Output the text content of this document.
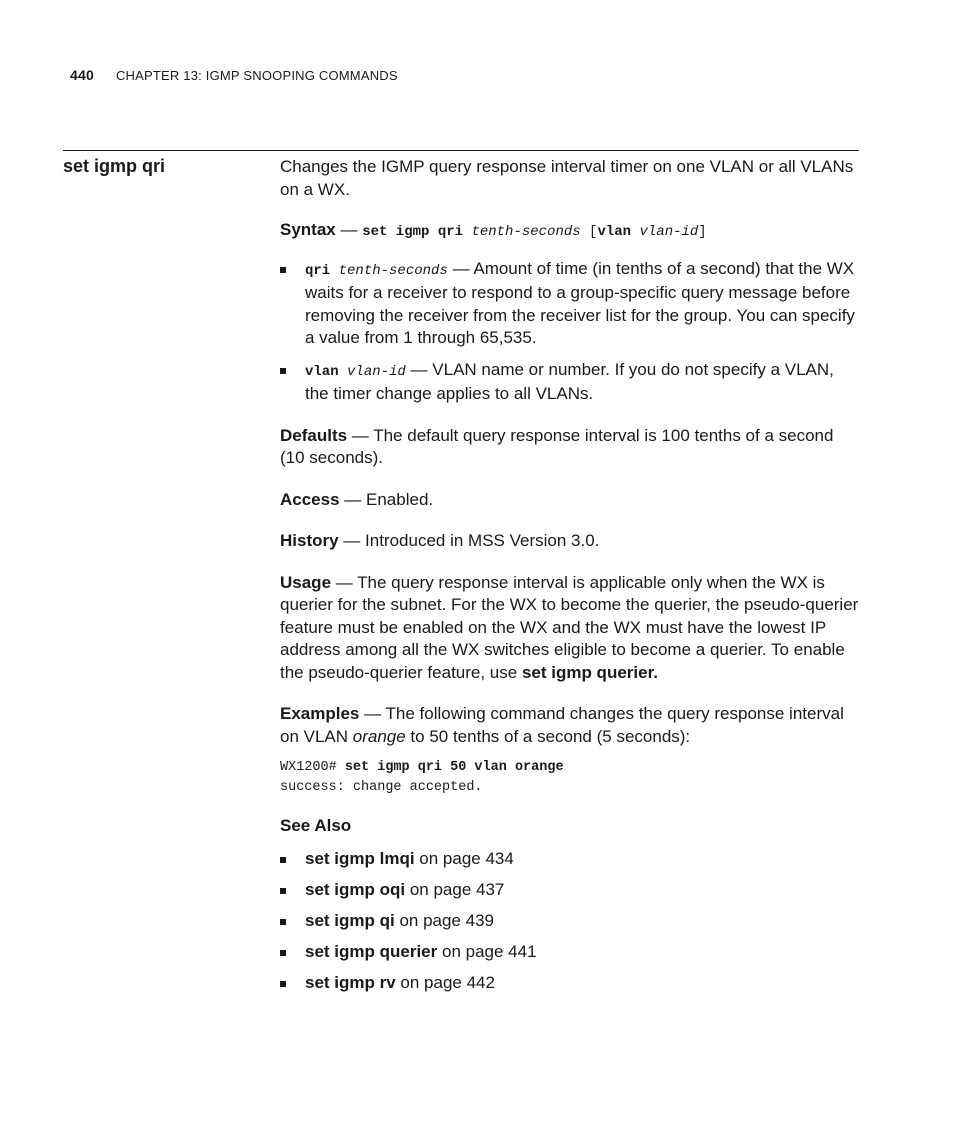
440 CHAPTER 13: IGMP SNOOPING COMMANDS
set igmp qri	Changes the IGMP query response interval timer on one VLAN or all VLANs on a WX.

Syntax — set igmp qri tenth-seconds [vlan vlan-id]

qri tenth-seconds — Amount of time (in tenths of a second) that the WX waits for a receiver to respond to a group-specific query message before removing the receiver from the receiver list for the group. You can specify a value from 1 through 65,535.
vlan vlan-id — VLAN name or number. If you do not specify a VLAN, the timer change applies to all VLANs.

Defaults — The default query response interval is 100 tenths of a second (10 seconds).

Access — Enabled.

History — Introduced in MSS Version 3.0.

Usage — The query response interval is applicable only when the WX is querier for the subnet. For the WX to become the querier, the pseudo-querier feature must be enabled on the WX and the WX must have the lowest IP address among all the WX switches eligible to become a querier. To enable the pseudo-querier feature, use set igmp querier.

Examples — The following command changes the query response interval on VLAN orange to 50 tenths of a second (5 seconds):

WX1200# set igmp qri 50 vlan orange
success: change accepted.

See Also

set igmp lmqi on page 434
set igmp oqi on page 437
set igmp qi on page 439
set igmp querier on page 441
set igmp rv on page 442
